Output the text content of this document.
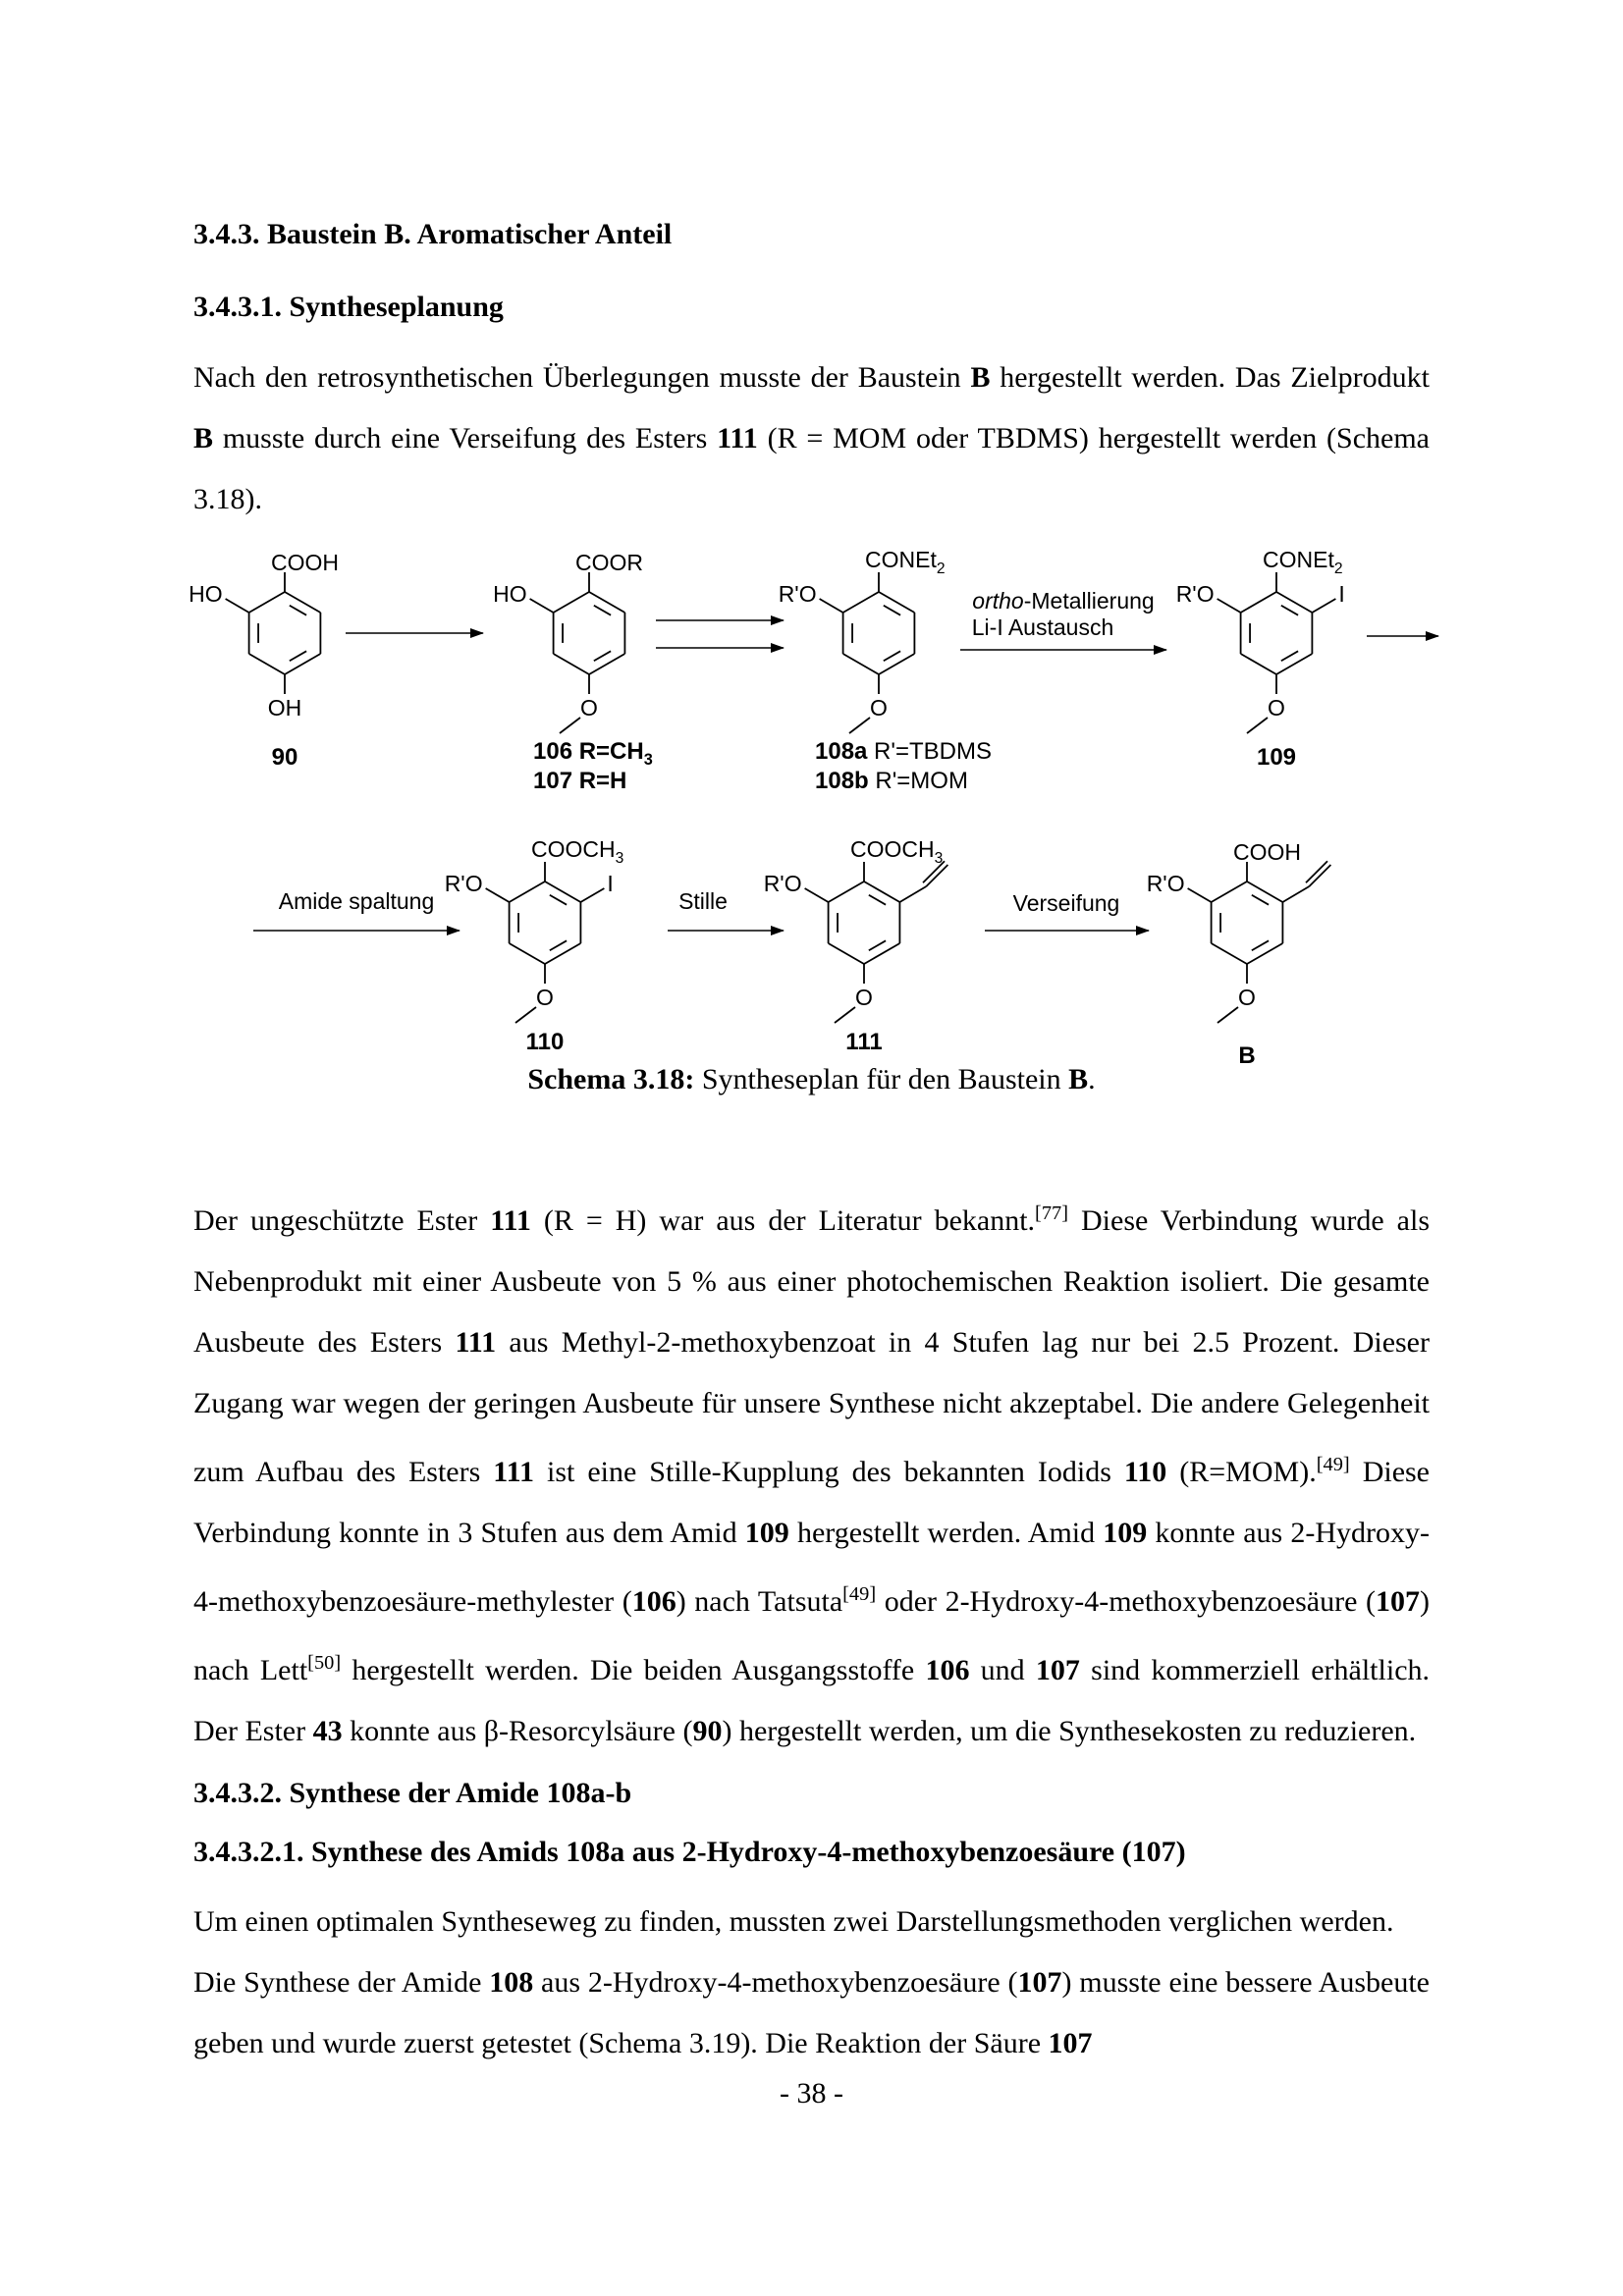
3.4.3. Baustein B. Aromatischer Anteil
3.4.3.1. Syntheseplanung

Nach den retrosynthetischen Überlegungen musste der Baustein B hergestellt werden. Das Zielprodukt B musste durch eine Verseifung des Esters 111 (R = MOM oder TBDMS) hergestellt werden (Schema 3.18).

COOH
HO
OH
COOR
HO
O
CONEt$_2$
R'O
O
CONEt$_2$
R'O	I
O
$COOCH_3$
R'O	I
O
$COOCH_3$
R'O
O
COOH
R'O
O
ortho-Metallierung
Li-I Austausch
Amide spaltung	Stille	Verseifung
90	106 $R=CH_3$
107 R=H
108a R'=TBDMS
108b R'=MOM
109
110	111
B

Schema 3.18: Syntheseplan für den Baustein B.

Der ungeschützte Ester 111 (R = H) war aus der Literatur bekannt.[77] Diese Verbindung wurde als Nebenprodukt mit einer Ausbeute von 5 % aus einer photochemischen Reaktion isoliert. Die gesamte Ausbeute des Esters 111 aus Methyl-2-methoxybenzoat in 4 Stufen lag nur bei 2.5 Prozent. Dieser Zugang war wegen der geringen Ausbeute für unsere Synthese nicht akzeptabel. Die andere Gelegenheit zum Aufbau des Esters 111 ist eine Stille-Kupplung des bekannten Iodids 110 (R=MOM).[49] Diese Verbindung konnte in 3 Stufen aus dem Amid 109 hergestellt werden. Amid 109 konnte aus 2-Hydroxy-4-methoxybenzoesäure-methylester (106) nach Tatsuta[49] oder 2-Hydroxy-4-methoxybenzoesäure (107) nach Lett[50] hergestellt werden. Die beiden Ausgangsstoffe 106 und 107 sind kommerziell erhältlich. Der Ester 43 konnte aus β-Resorcylsäure (90) hergestellt werden, um die Synthesekosten zu reduzieren.

3.4.3.2. Synthese der Amide 108a-b
3.4.3.2.1. Synthese des Amids 108a aus 2-Hydroxy-4-methoxybenzoesäure (107)

Um einen optimalen Syntheseweg zu finden, mussten zwei Darstellungsmethoden verglichen werden.

Die Synthese der Amide 108 aus 2-Hydroxy-4-methoxybenzoesäure (107) musste eine bessere Ausbeute geben und wurde zuerst getestet (Schema 3.19). Die Reaktion der Säure 107

- 38 -
